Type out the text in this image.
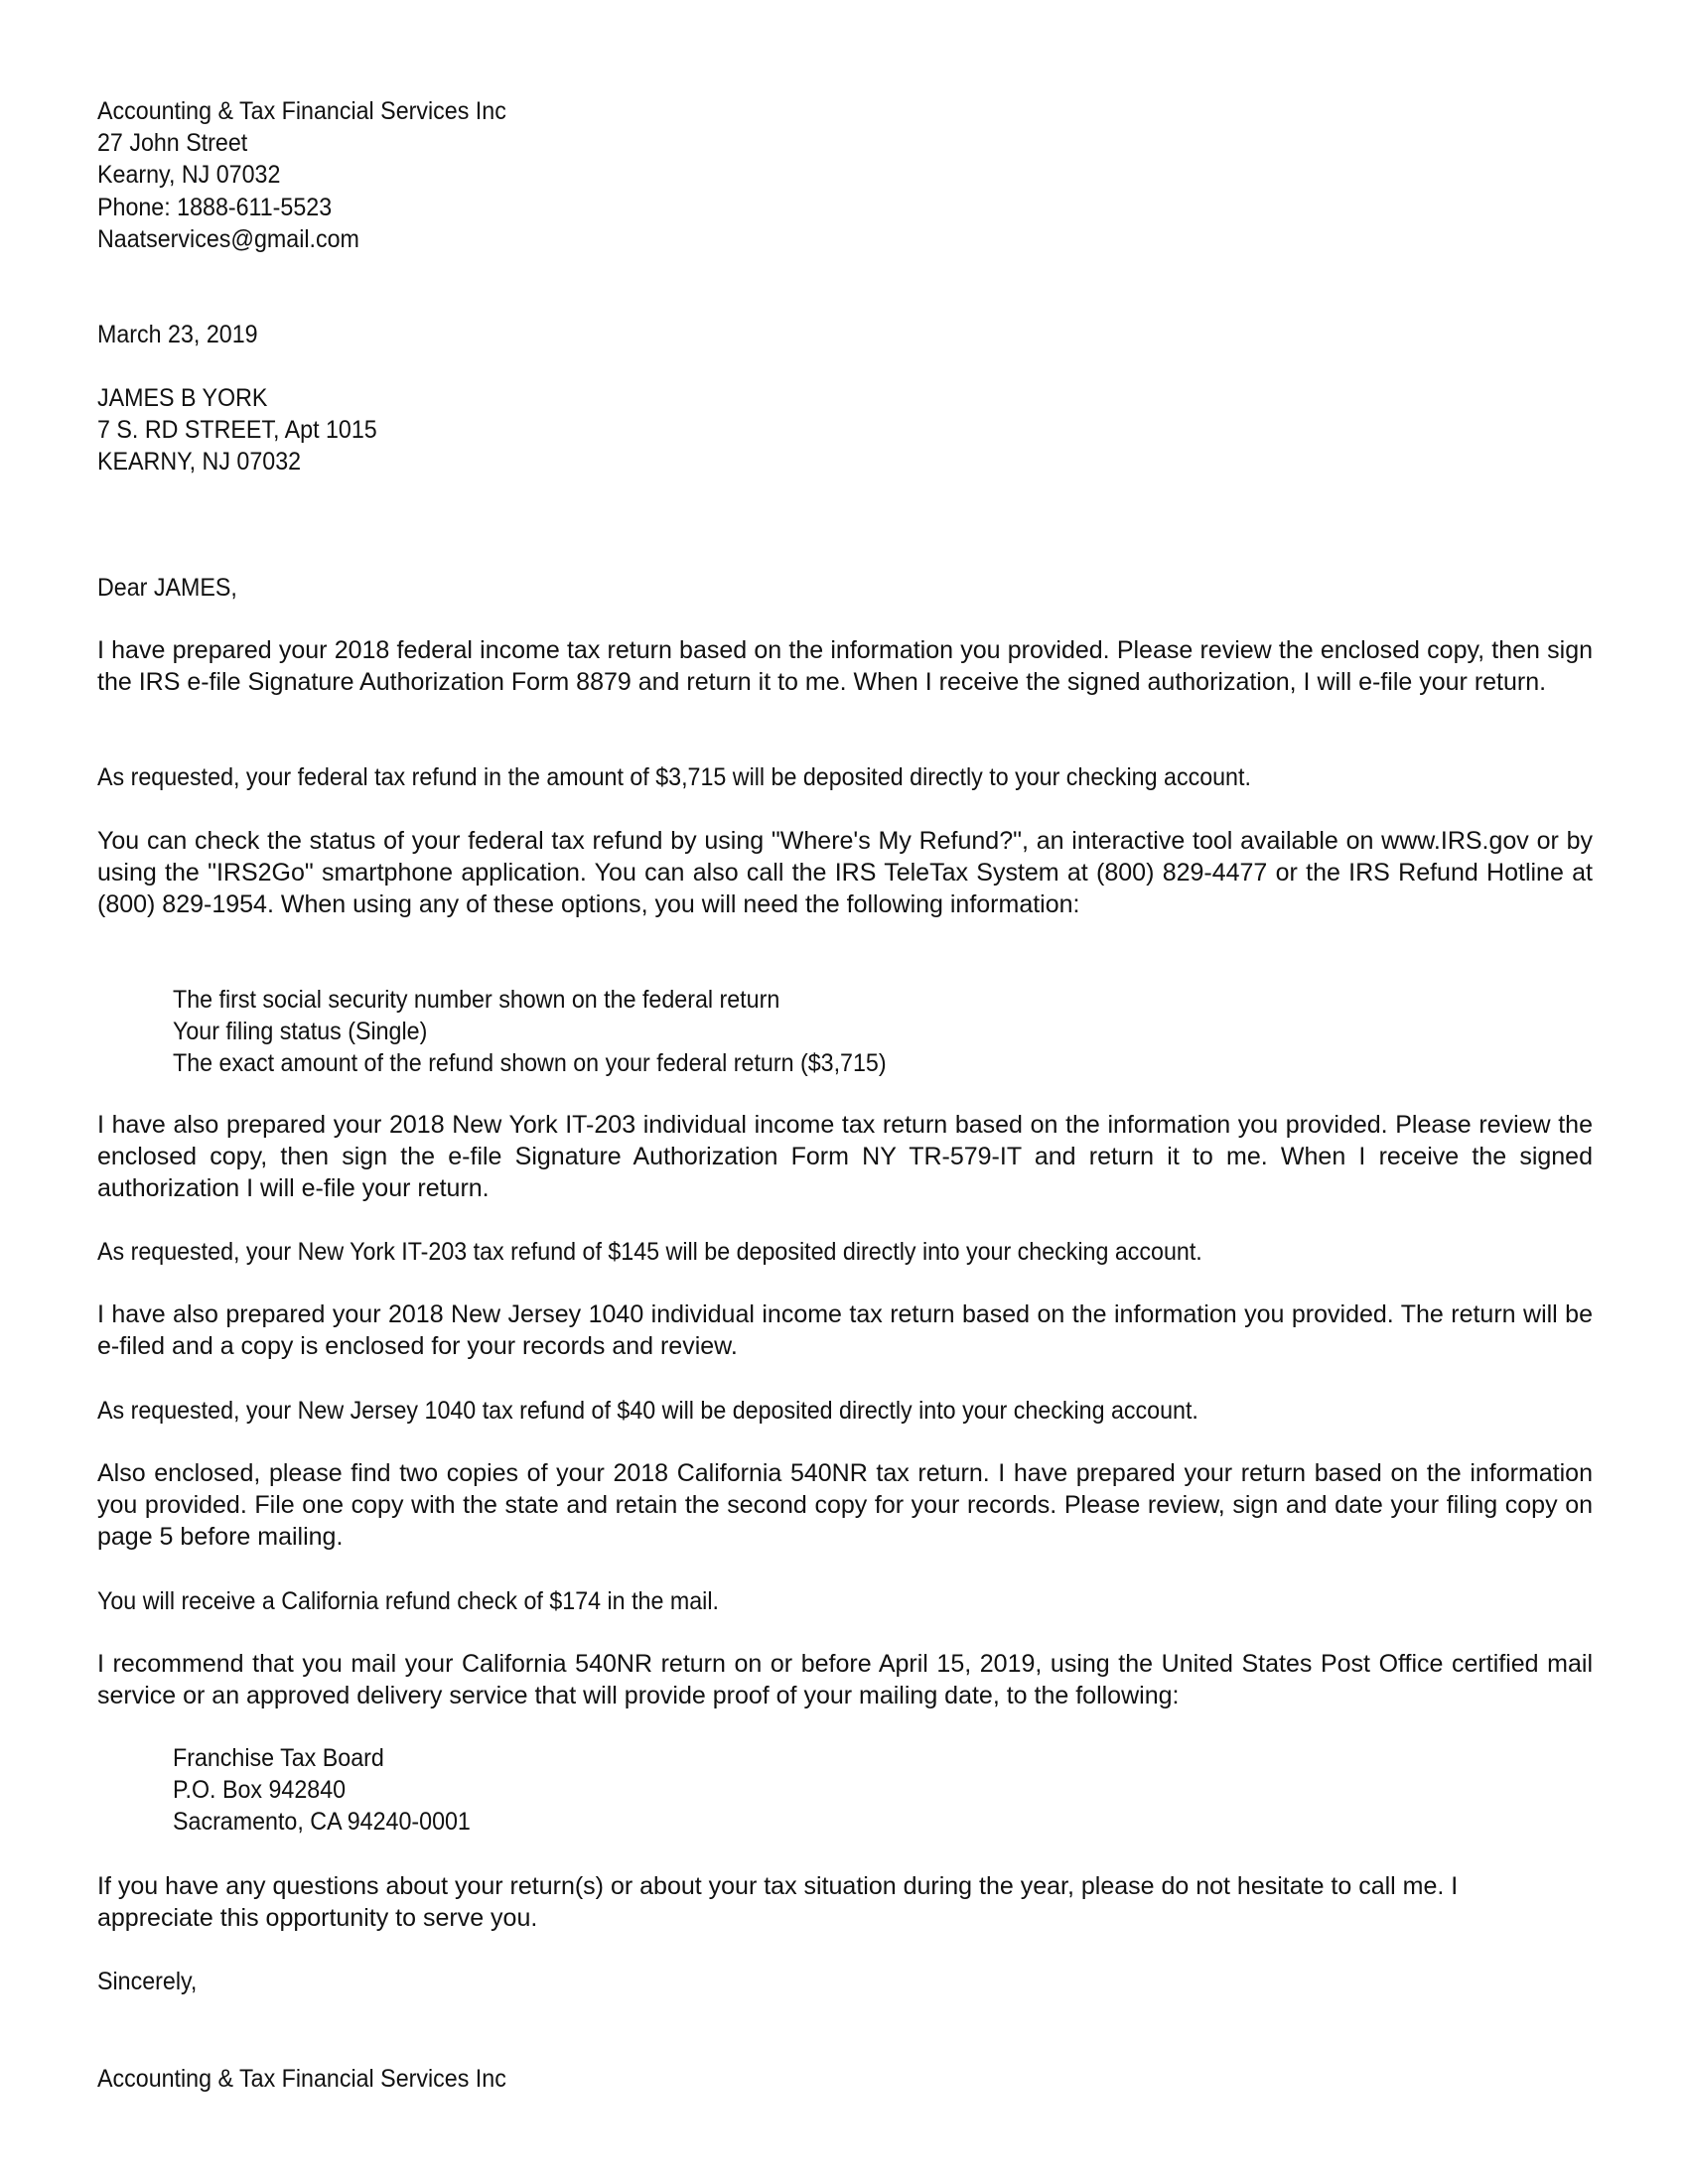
Accounting & Tax Financial Services Inc
27 John Street
Kearny, NJ 07032
Phone: 1888-611-5523
Naatservices@gmail.com
March 23, 2019
JAMES B YORK
7 S. RD STREET, Apt 1015
KEARNY, NJ 07032
Dear JAMES,

I have prepared your 2018 federal income tax return based on the information you provided. Please review the enclosed copy, then sign the IRS e-file Signature Authorization Form 8879 and return it to me. When I receive the signed authorization, I will e-file your return.

As requested, your federal tax refund in the amount of $3,715 will be deposited directly to your checking account.

You can check the status of your federal tax refund by using "Where's My Refund?", an interactive tool available on www.IRS.gov or by using the "IRS2Go" smartphone application. You can also call the IRS TeleTax System at (800) 829-4477 or the IRS Refund Hotline at (800) 829-1954. When using any of these options, you will need the following information:

The first social security number shown on the federal return
Your filing status (Single)
The exact amount of the refund shown on your federal return ($3,715)

I have also prepared your 2018 New York IT-203 individual income tax return based on the information you provided. Please review the enclosed copy, then sign the e-file Signature Authorization Form NY TR-579-IT and return it to me. When I receive the signed authorization I will e-file your return.

As requested, your New York IT-203 tax refund of $145 will be deposited directly into your checking account.

I have also prepared your 2018 New Jersey 1040 individual income tax return based on the information you provided. The return will be e-filed and a copy is enclosed for your records and review.

As requested, your New Jersey 1040 tax refund of $40 will be deposited directly into your checking account.

Also enclosed, please find two copies of your 2018 California 540NR tax return. I have prepared your return based on the information you provided. File one copy with the state and retain the second copy for your records. Please review, sign and date your filing copy on page 5 before mailing.

You will receive a California refund check of $174 in the mail.

I recommend that you mail your California 540NR return on or before April 15, 2019, using the United States Post Office certified mail service or an approved delivery service that will provide proof of your mailing date, to the following:

Franchise Tax Board
P.O. Box 942840
Sacramento, CA 94240-0001

If you have any questions about your return(s) or about your tax situation during the year, please do not hesitate to call me. I appreciate this opportunity to serve you.

Sincerely,
Accounting & Tax Financial Services Inc
